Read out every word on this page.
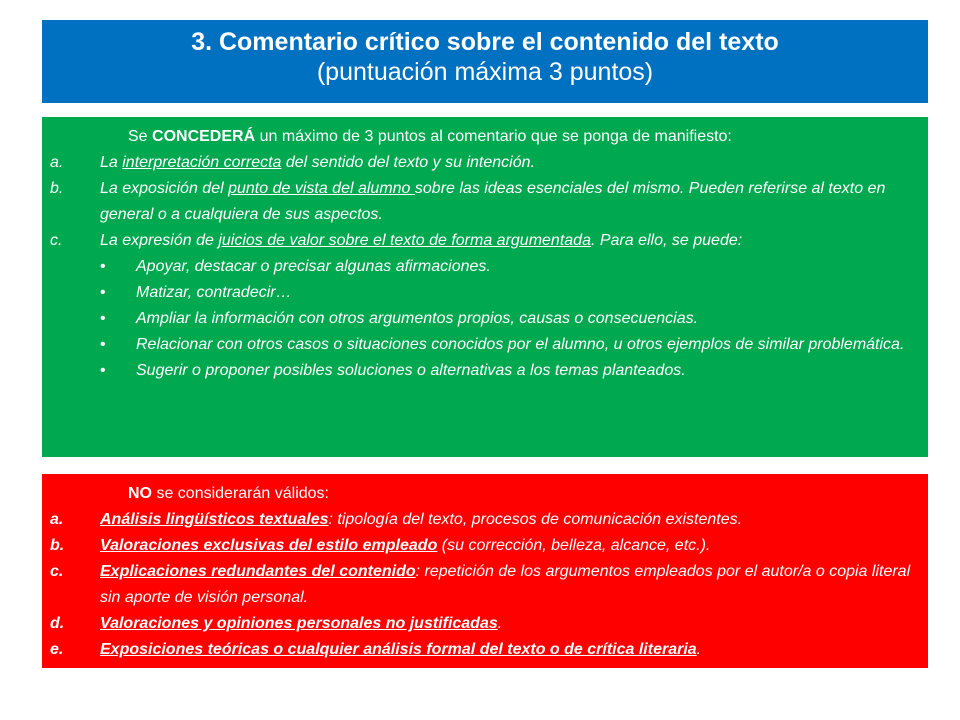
3. Comentario crítico sobre el contenido del texto
(puntuación máxima 3 puntos)
Se CONCEDERÁ un máximo de 3 puntos al comentario que se ponga de manifiesto:
a. La interpretación correcta del sentido del texto y su intención.
b. La exposición del punto de vista del alumno sobre las ideas esenciales del mismo. Pueden referirse al texto en general o a cualquiera de sus aspectos.
c. La expresión de juicios de valor sobre el texto de forma argumentada. Para ello, se puede:
• Apoyar, destacar o precisar algunas afirmaciones.
• Matizar, contradecir…
• Ampliar la información con otros argumentos propios, causas o consecuencias.
• Relacionar con otros casos o situaciones conocidos por el alumno, u otros ejemplos de similar problemática.
• Sugerir o proponer posibles soluciones o alternativas a los temas planteados.
NO se considerarán válidos:
a. Análisis lingüísticos textuales: tipología del texto, procesos de comunicación existentes.
b. Valoraciones exclusivas del estilo empleado (su corrección, belleza, alcance, etc.).
c. Explicaciones redundantes del contenido: repetición de los argumentos empleados por el autor/a o copia literal sin aporte de visión personal.
d. Valoraciones y opiniones personales no justificadas.
e. Exposiciones teóricas o cualquier análisis formal del texto o de crítica literaria.
